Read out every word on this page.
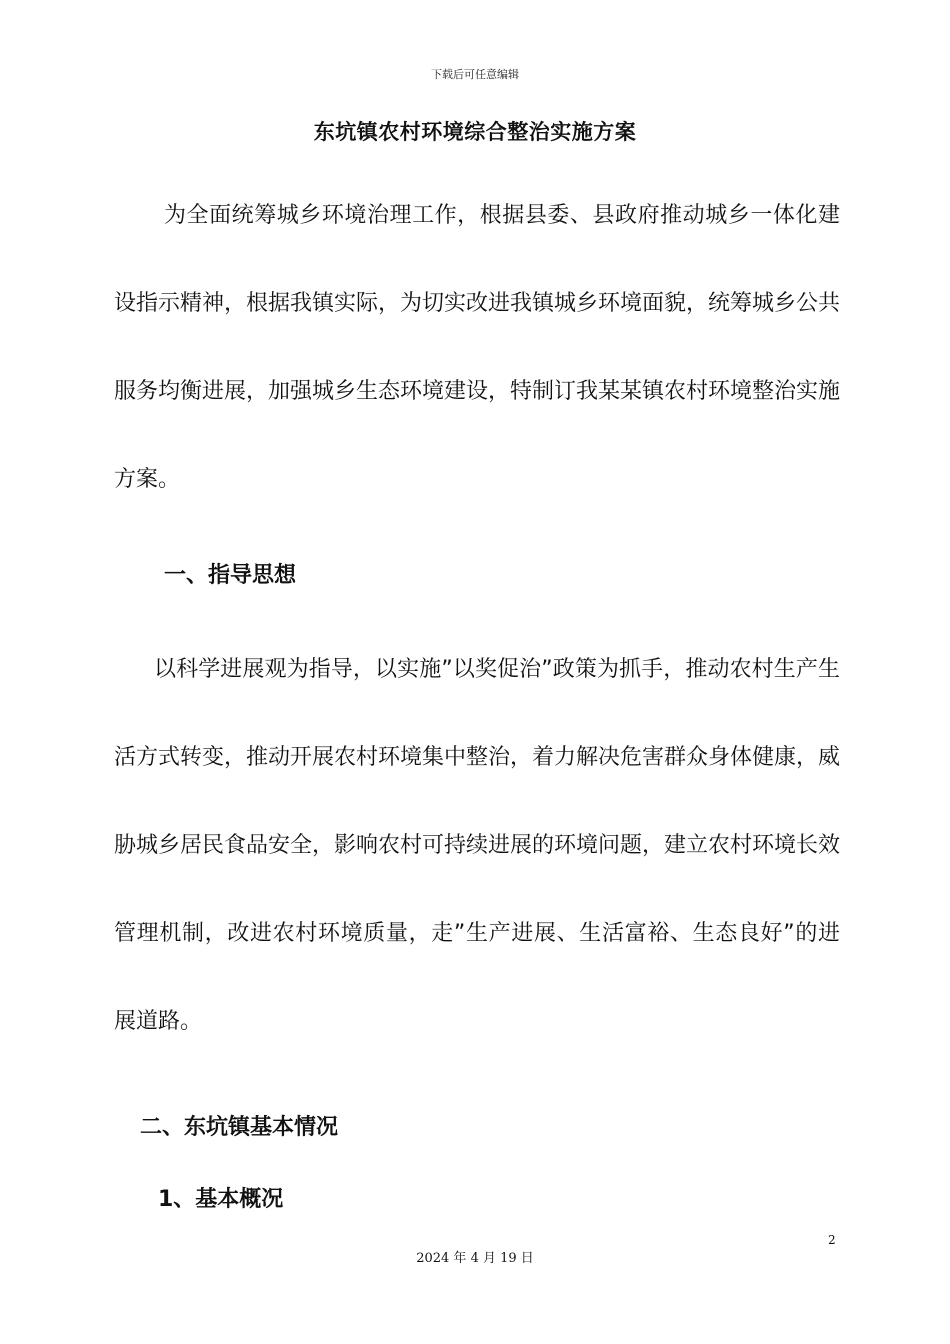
下载后可任意编辑
东坑镇农村环境综合整治实施方案

为全面统筹城乡环境治理工作，根据县委、县政府推动城乡一体化建设指示精神，根据我镇实际，为切实改进我镇城乡环境面貌，统筹城乡公共服务均衡进展，加强城乡生态环境建设，特制订我某某镇农村环境整治实施方案。

一、指导思想

以科学进展观为指导，以实施”以奖促治”政策为抓手，推动农村生产生活方式转变，推动开展农村环境集中整治，着力解决危害群众身体健康，威胁城乡居民食品安全，影响农村可持续进展的环境问题，建立农村环境长效管理机制，改进农村环境质量，走”生产进展、生活富裕、生态良好”的进展道路。

二、东坑镇基本情况
1、基本概况
2
2024 年 4 月 19 日
